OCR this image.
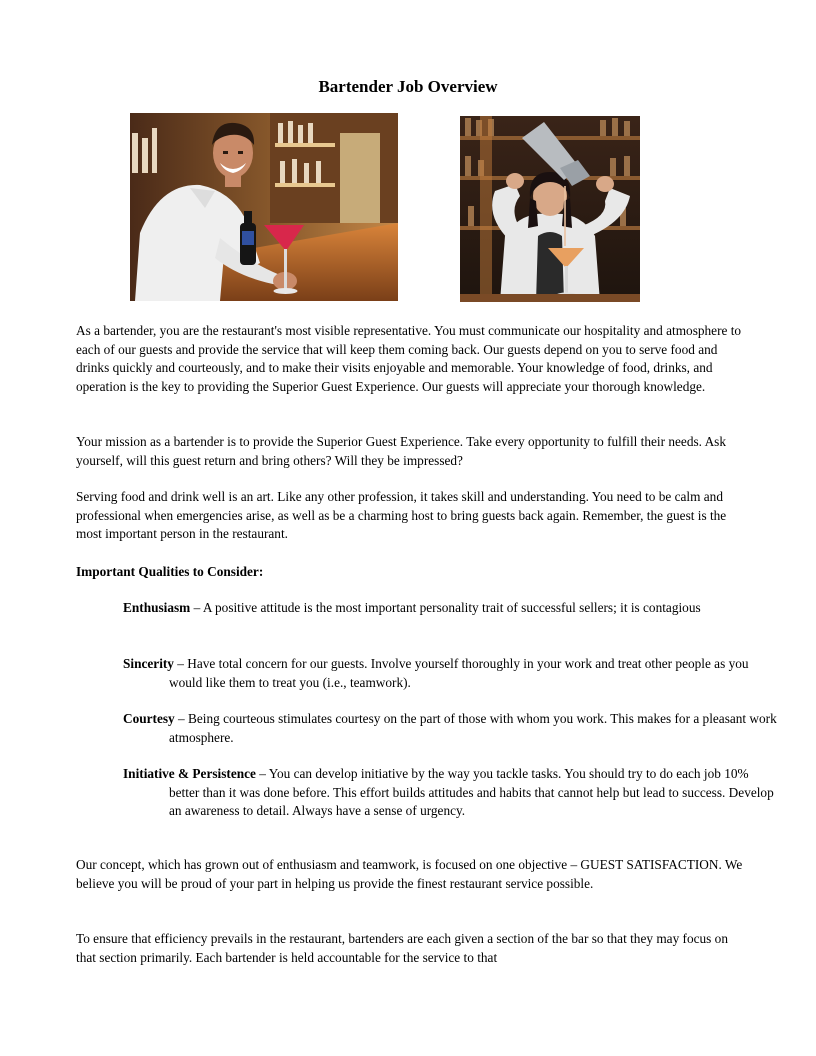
Bartender Job Overview

As a bartender, you are the restaurant's most visible representative. You must communicate our hospitality and atmosphere to each of our guests and provide the service that will keep them coming back. Our guests depend on you to serve food and drinks quickly and courteously, and to make their visits enjoyable and memorable. Your knowledge of food, drinks, and operation is the key to providing the Superior Guest Experience. Our guests will appreciate your thorough knowledge.

Your mission as a bartender is to provide the Superior Guest Experience. Take every opportunity to fulfill their needs. Ask yourself, will this guest return and bring others? Will they be impressed?

Serving food and drink well is an art. Like any other profession, it takes skill and understanding. You need to be calm and professional when emergencies arise, as well as be a charming host to bring guests back again. Remember, the guest is the most important person in the restaurant.

Important Qualities to Consider:
Enthusiasm – A positive attitude is the most important personality trait of successful sellers; it is contagious
Sincerity – Have total concern for our guests. Involve yourself thoroughly in your work and treat other people as you would like them to treat you (i.e., teamwork).
Courtesy – Being courteous stimulates courtesy on the part of those with whom you work. This makes for a pleasant work atmosphere.
Initiative & Persistence – You can develop initiative by the way you tackle tasks. You should try to do each job 10% better than it was done before. This effort builds attitudes and habits that cannot help but lead to success. Develop an awareness to detail. Always have a sense of urgency.

Our concept, which has grown out of enthusiasm and teamwork, is focused on one objective – GUEST SATISFACTION. We believe you will be proud of your part in helping us provide the finest restaurant service possible.

To ensure that efficiency prevails in the restaurant, bartenders are each given a section of the bar so that they may focus on that section primarily. Each bartender is held accountable for the service to that
